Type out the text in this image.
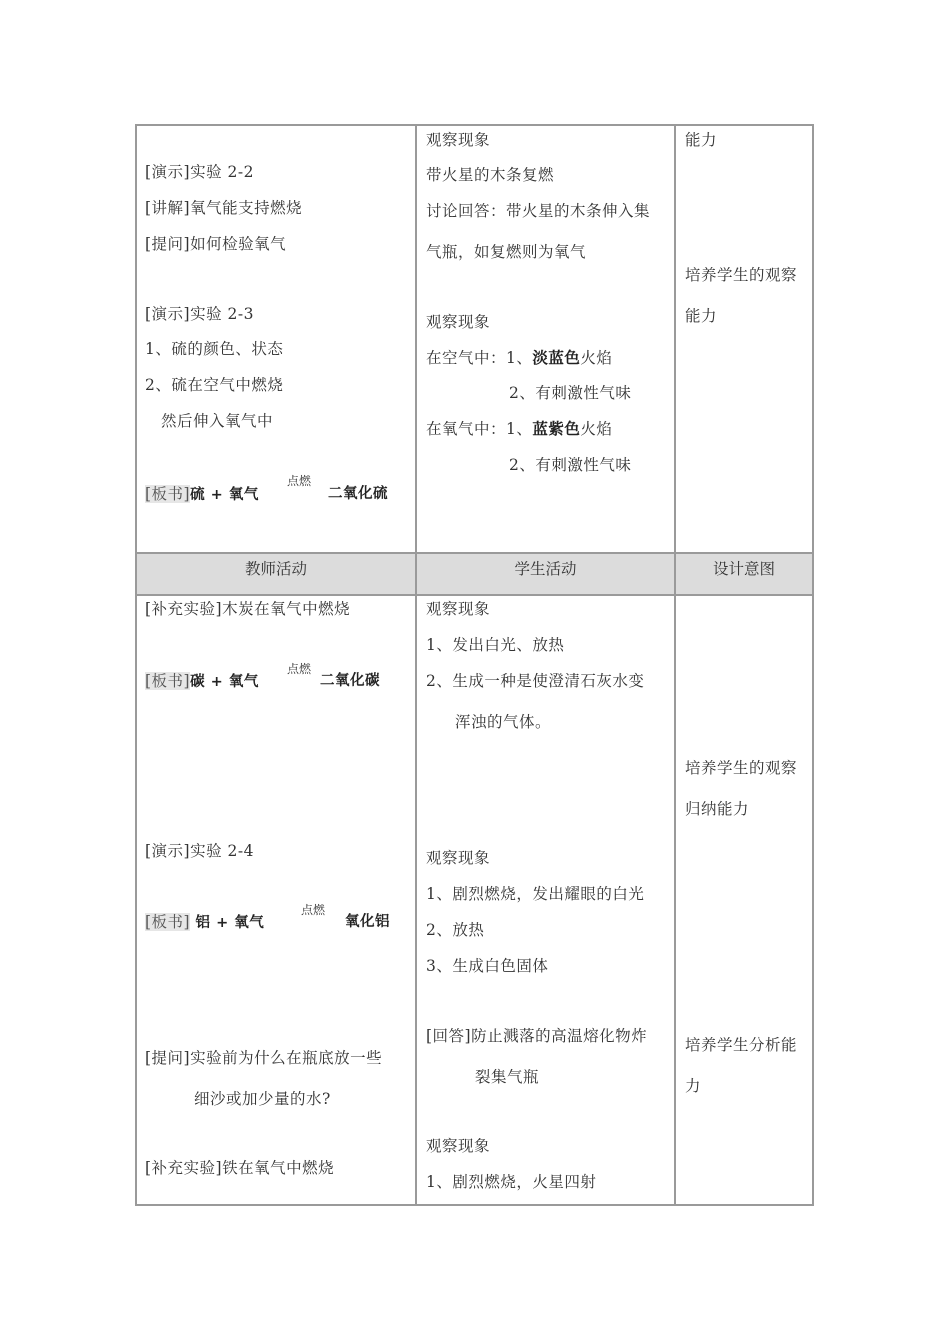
[演示]实验 2-2
[讲解]氧气能支持燃烧
[提问]如何检验氧气
[演示]实验 2-3
1、硫的颜色、状态
2、硫在空气中燃烧
然后伸入氧气中
[板书]硫 + 氧气
点燃
二氧化硫
观察现象
带火星的木条复燃
讨论回答：带火星的木条伸入集
气瓶，如复燃则为氧气
观察现象
在空气中：1、淡蓝色火焰
2、有刺激性气味
在氧气中：1、蓝紫色火焰
2、有刺激性气味
能力
培养学生的观察
能力
教师活动	学生活动	设计意图
[补充实验]木炭在氧气中燃烧
[板书]碳 + 氧气
点燃
二氧化碳
[演示]实验 2-4
[板书] 铝 + 氧气
点燃
氧化铝
[提问]实验前为什么在瓶底放一些
细沙或加少量的水?
[补充实验]铁在氧气中燃烧
观察现象
1、发出白光、放热
2、生成一种是使澄清石灰水变
浑浊的气体。
观察现象
1、剧烈燃烧，发出耀眼的白光
2、放热
3、生成白色固体
[回答]防止溅落的高温熔化物炸
裂集气瓶
观察现象
1、剧烈燃烧，火星四射
培养学生的观察
归纳能力
培养学生分析能
力
